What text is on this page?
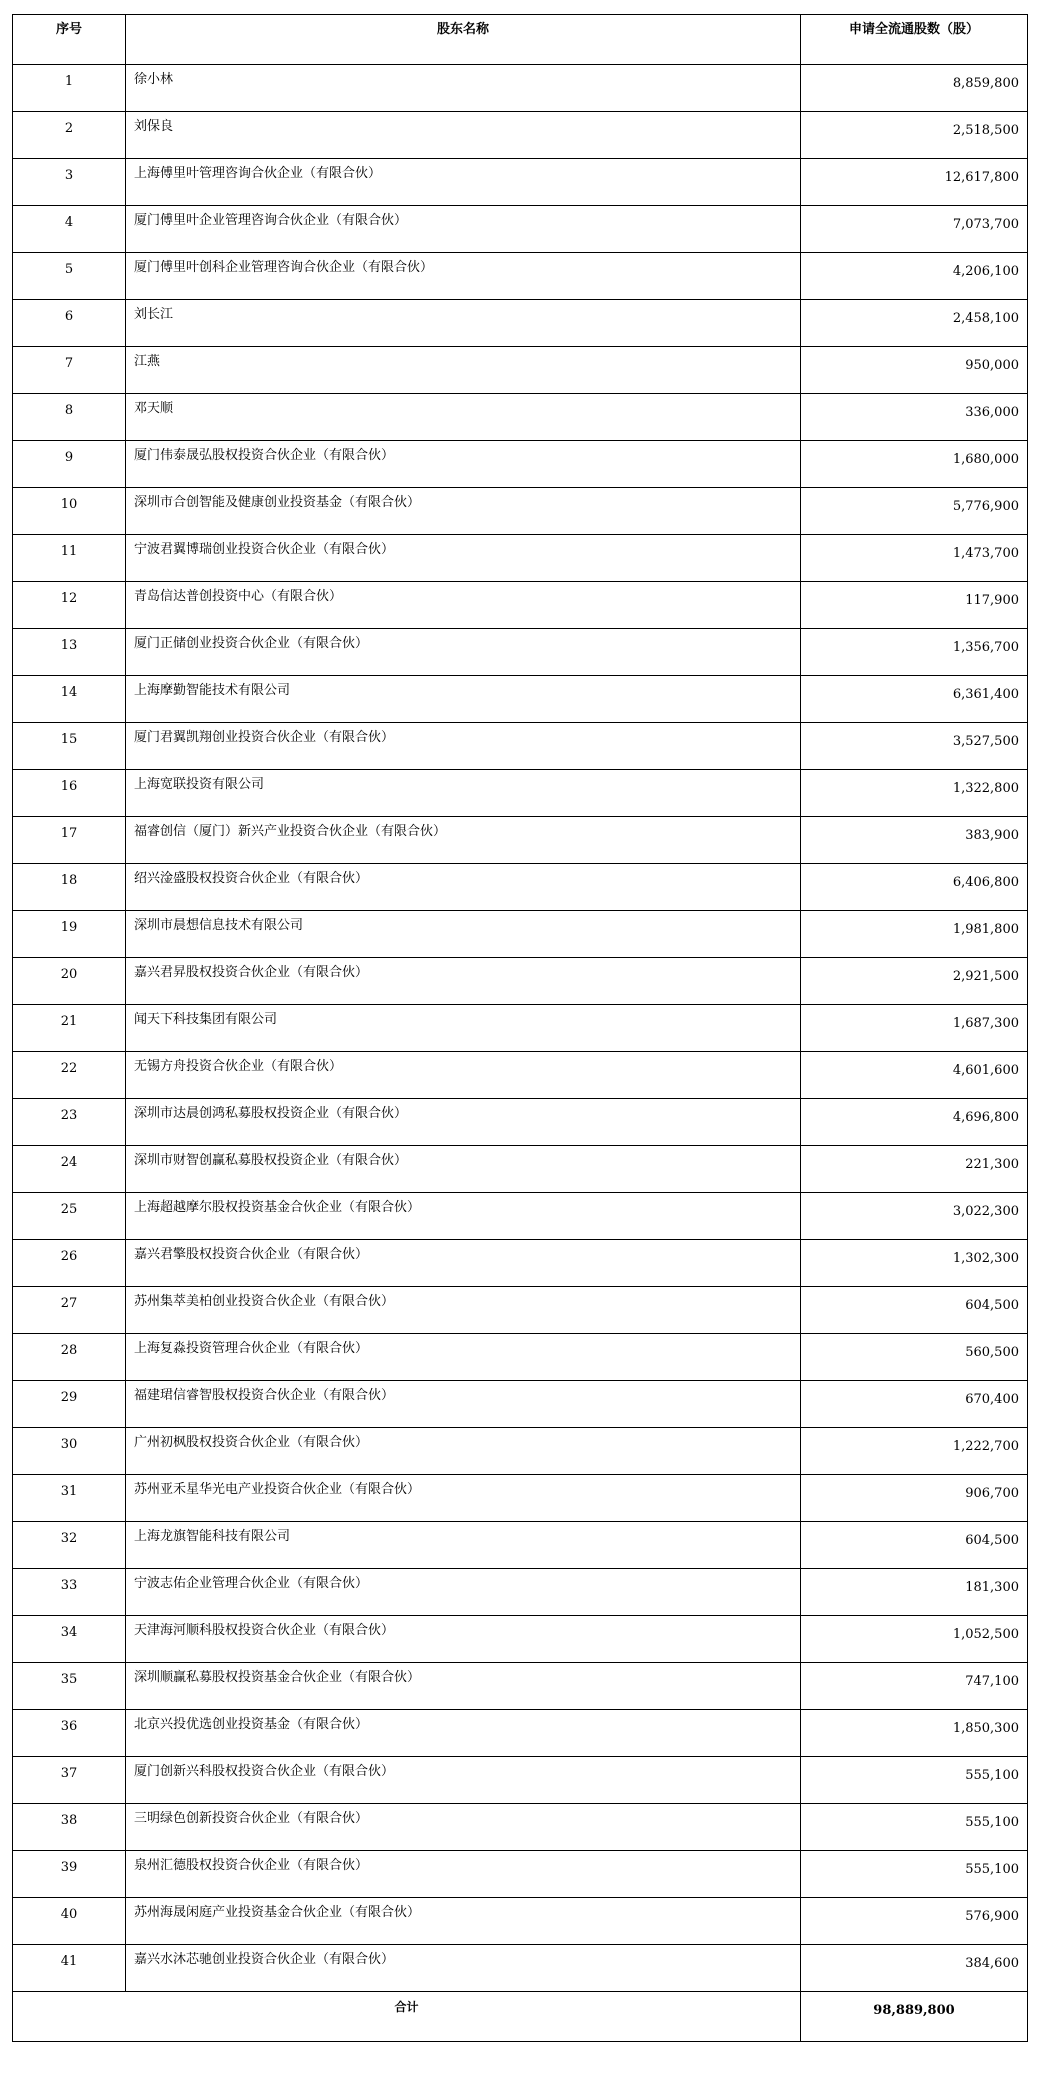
序号	股东名称	申请全流通股数（股）
1	徐小林	8,859,800
2	刘保良	2,518,500
3	上海傅里叶管理咨询合伙企业（有限合伙）	12,617,800
4	厦门傅里叶企业管理咨询合伙企业（有限合伙）	7,073,700
5	厦门傅里叶创科企业管理咨询合伙企业（有限合伙）	4,206,100
6	刘长江	2,458,100
7	江燕	950,000
8	邓天顺	336,000
9	厦门伟泰晟弘股权投资合伙企业（有限合伙）	1,680,000
10	深圳市合创智能及健康创业投资基金（有限合伙）	5,776,900
11	宁波君翼博瑞创业投资合伙企业（有限合伙）	1,473,700
12	青岛信达普创投资中心（有限合伙）	117,900
13	厦门正储创业投资合伙企业（有限合伙）	1,356,700
14	上海摩勤智能技术有限公司	6,361,400
15	厦门君翼凯翔创业投资合伙企业（有限合伙）	3,527,500
16	上海宽联投资有限公司	1,322,800
17	福睿创信（厦门）新兴产业投资合伙企业（有限合伙）	383,900
18	绍兴淦盛股权投资合伙企业（有限合伙）	6,406,800
19	深圳市晨想信息技术有限公司	1,981,800
20	嘉兴君昇股权投资合伙企业（有限合伙）	2,921,500
21	闻天下科技集团有限公司	1,687,300
22	无锡方舟投资合伙企业（有限合伙）	4,601,600
23	深圳市达晨创鸿私募股权投资企业（有限合伙）	4,696,800
24	深圳市财智创赢私募股权投资企业（有限合伙）	221,300
25	上海超越摩尔股权投资基金合伙企业（有限合伙）	3,022,300
26	嘉兴君擎股权投资合伙企业（有限合伙）	1,302,300
27	苏州集萃美柏创业投资合伙企业（有限合伙）	604,500
28	上海复淼投资管理合伙企业（有限合伙）	560,500
29	福建珺信睿智股权投资合伙企业（有限合伙）	670,400
30	广州初枫股权投资合伙企业（有限合伙）	1,222,700
31	苏州亚禾星华光电产业投资合伙企业（有限合伙）	906,700
32	上海龙旗智能科技有限公司	604,500
33	宁波志佑企业管理合伙企业（有限合伙）	181,300
34	天津海河顺科股权投资合伙企业（有限合伙）	1,052,500
35	深圳顺赢私募股权投资基金合伙企业（有限合伙）	747,100
36	北京兴投优选创业投资基金（有限合伙）	1,850,300
37	厦门创新兴科股权投资合伙企业（有限合伙）	555,100
38	三明绿色创新投资合伙企业（有限合伙）	555,100
39	泉州汇德股权投资合伙企业（有限合伙）	555,100
40	苏州海晟闲庭产业投资基金合伙企业（有限合伙）	576,900
41	嘉兴水沐芯驰创业投资合伙企业（有限合伙）	384,600
合计		98,889,800
